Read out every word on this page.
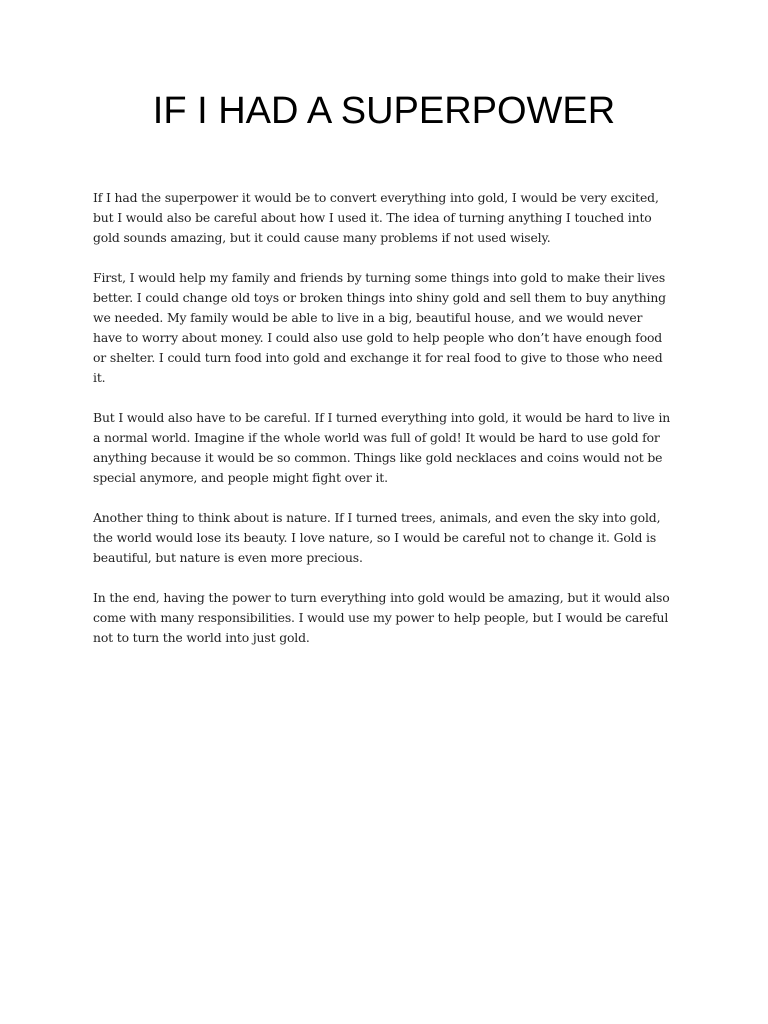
IF I HAD A SUPERPOWER

If I had the superpower it would be to convert everything into gold, I would be very excited, but I would also be careful about how I used it. The idea of turning anything I touched into gold sounds amazing, but it could cause many problems if not used wisely.

First, I would help my family and friends by turning some things into gold to make their lives better. I could change old toys or broken things into shiny gold and sell them to buy anything we needed. My family would be able to live in a big, beautiful house, and we would never have to worry about money. I could also use gold to help people who don’t have enough food or shelter. I could turn food into gold and exchange it for real food to give to those who need it.

But I would also have to be careful. If I turned everything into gold, it would be hard to live in a normal world. Imagine if the whole world was full of gold! It would be hard to use gold for anything because it would be so common. Things like gold necklaces and coins would not be special anymore, and people might fight over it.

Another thing to think about is nature. If I turned trees, animals, and even the sky into gold, the world would lose its beauty. I love nature, so I would be careful not to change it. Gold is beautiful, but nature is even more precious.

In the end, having the power to turn everything into gold would be amazing, but it would also come with many responsibilities. I would use my power to help people, but I would be careful not to turn the world into just gold.
